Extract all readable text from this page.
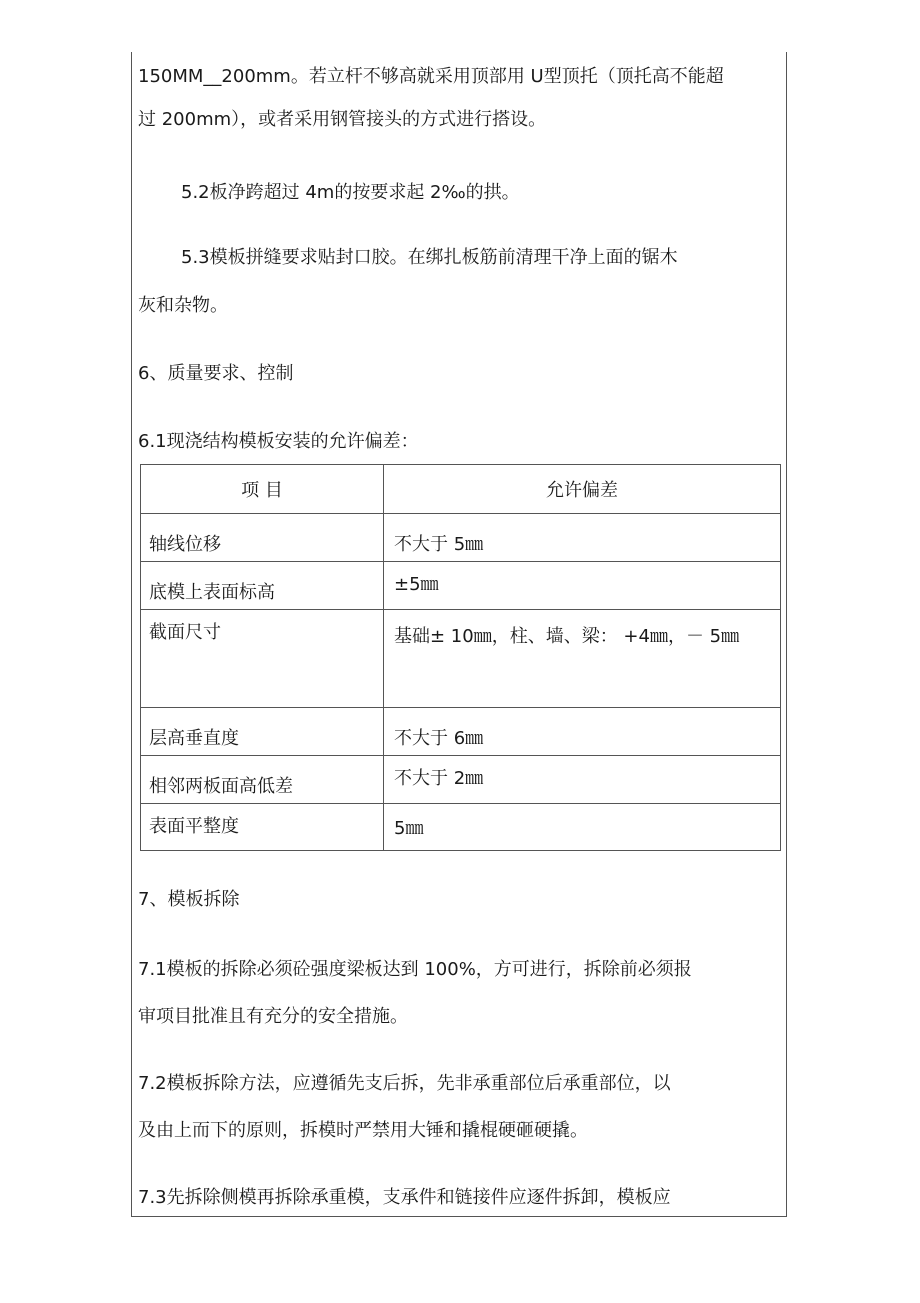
150MM__200mm。若立杆不够高就采用顶部用 U型顶托（顶托高不能超
过 200mm），或者采用钢管接头的方式进行搭设。
5.2板净跨超过 4m的按要求起 2‰的拱。
5.3模板拼缝要求贴封口胶。在绑扎板筋前清理干净上面的锯木
灰和杂物。
6、质量要求、控制
6.1现浇结构模板安装的允许偏差：
项 目	允许偏差
轴线位移	不大于 5㎜
底模上表面标高	±5㎜
截面尺寸	基础± 10㎜，柱、墙、梁： +4㎜，－ 5㎜

层高垂直度	不大于 6㎜
相邻两板面高低差	不大于 2㎜
表面平整度	5㎜
7、模板拆除
7.1模板的拆除必须砼强度梁板达到 100%，方可进行，拆除前必须报
审项目批准且有充分的安全措施。
7.2模板拆除方法，应遵循先支后拆，先非承重部位后承重部位，以
及由上而下的原则，拆模时严禁用大锤和撬棍硬砸硬撬。
7.3先拆除侧模再拆除承重模，支承件和链接件应逐件拆卸，模板应
